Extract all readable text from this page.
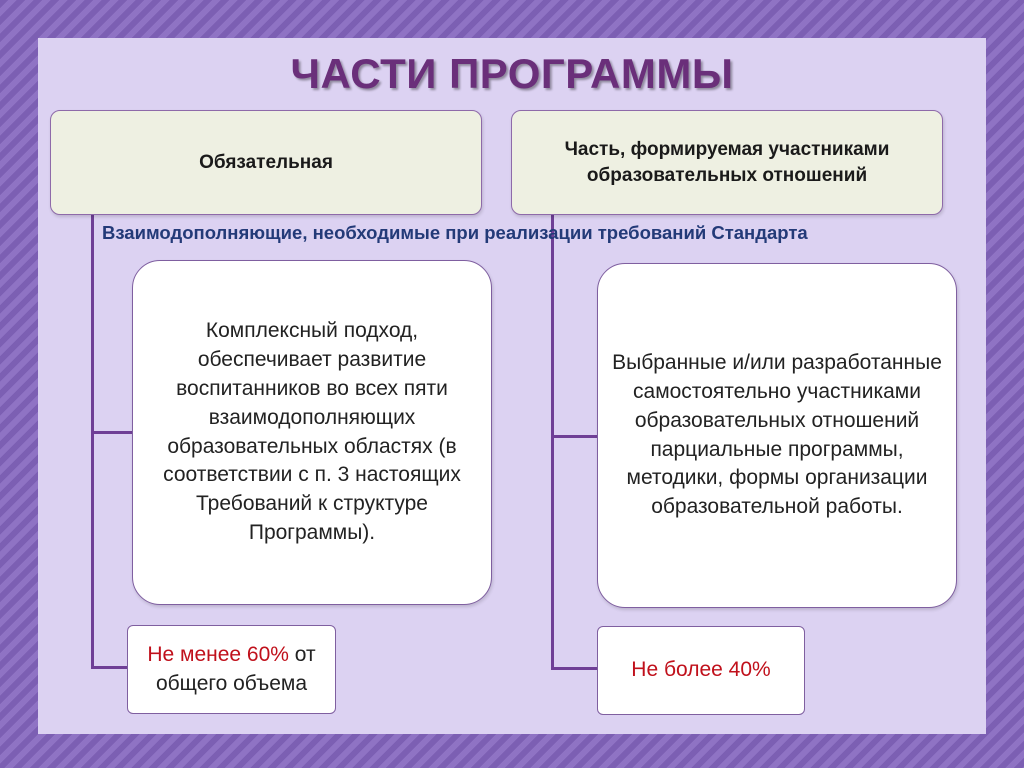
ЧАСТИ ПРОГРАММЫ
Обязательная
Часть, формируемая участниками образовательных отношений
Взаимодополняющие, необходимые при реализации требований Стандарта
Комплексный подход, обеспечивает развитие воспитанников во всех пяти взаимодополняющих образовательных областях (в соответствии с п. 3 настоящих Требований к структуре Программы).
Выбранные и/или разработанные самостоятельно участниками образовательных отношений парциальные программы, методики, формы организации образовательной работы.
Не менее 60% от общего объема
Не более 40%
